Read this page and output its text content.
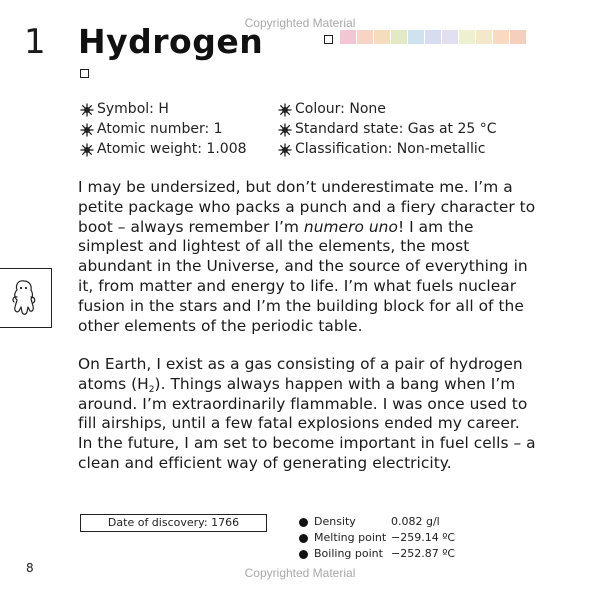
Copyrighted Material
1 Hydrogen
Symbol: H	Colour: None
Atomic number: 1	Standard state: Gas at 25 °C
Atomic weight: 1.008	Classification: Non-metallic
I may be undersized, but don’t underestimate me. I’m a petite package who packs a punch and a fiery character to boot – always remember I’m numero uno! I am the simplest and lightest of all the elements, the most abundant in the Universe, and the source of everything in it, from matter and energy to life. I’m what fuels nuclear fusion in the stars and I’m the building block for all of the other elements of the periodic table.
On Earth, I exist as a gas consisting of a pair of hydrogen atoms $(H_2)$. Things always happen with a bang when I’m around. I’m extraordinarily flammable. I was once used to fill airships, until a few fatal explosions ended my career. In the future, I am set to become important in fuel cells – a clean and efficient way of generating electricity.
Date of discovery: 1766	Density	0.082 g/l
Melting point −259.14 ºC
Boiling point −252.87 ºC
8	Copyrighted Material
